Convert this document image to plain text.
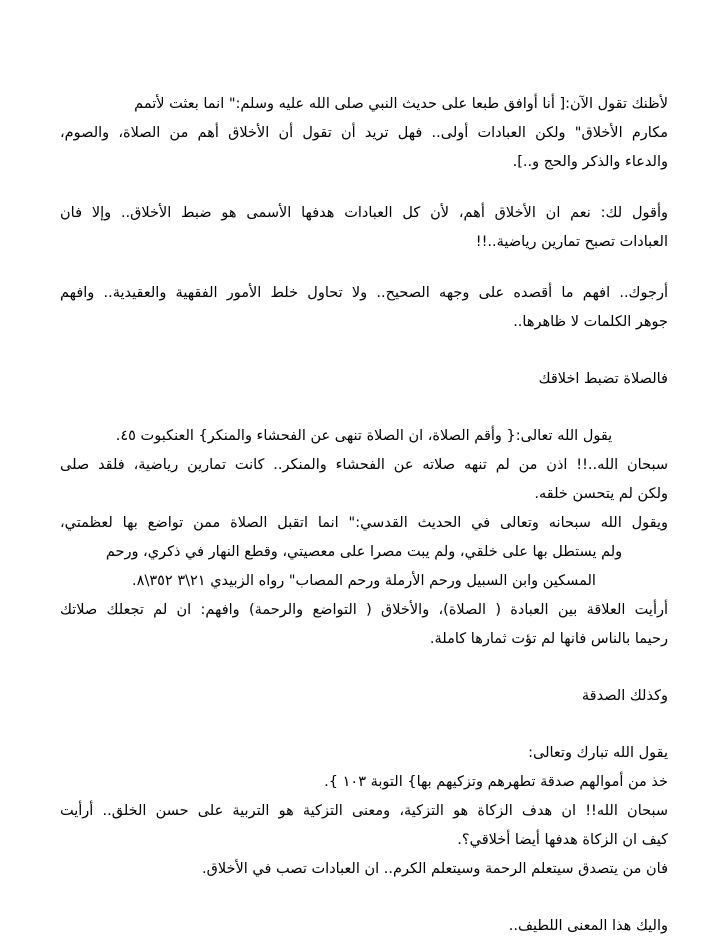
لأظنك تقول الآن:[ أنا أوافق طبعا على حديث النبي صلى الله عليه وسلم:" انما بعثت لأتمم
مكارم الأخلاق" ولكن العبادات أولى.. فهل تريد أن تقول أن الأخلاق أهم من الصلاة، والصوم،
والدعاء والذكر والحج و..].
وأقول لك: نعم ان الأخلاق أهم، لأن كل العبادات هدفها الأسمى هو ضبط الأخلاق.. وإلا فان
العبادات تصبح تمارين رياضية..!!
أرجوك.. افهم ما أقصده على وجهه الصحيح.. ولا تحاول خلط الأمور الفقهية والعقيدية.. وافهم
جوهر الكلمات لا ظاهرها..
فالصلاة تضبط اخلاقك
يقول الله تعالى:{ وأقم الصلاة، ان الصلاة تنهى عن الفحشاء والمنكر} العنكبوت ٤٥.
سبحان الله..!! اذن من لم تنهه صلاته عن الفحشاء والمنكر.. كانت تمارين رياضية، فلقد صلى
ولكن لم يتحسن خلقه.
ويقول الله سبحانه وتعالى في الحديث القدسي:" انما اتقبل الصلاة ممن تواضع بها لعظمتي،
ولم يستطل بها على خلقي، ولم يبت مصرا على معصيتي، وقطع النهار في ذكري، ورحم
المسكين وابن السبيل ورحم الأرملة ورحم المصاب" رواه الزبيدي ٢١\٣ ٣٥٢\٨.
أرأيت العلاقة بين العبادة ( الصلاة)، والأخلاق ( التواضع والرحمة) وافهم: ان لم تجعلك صلاتك
رحيما بالناس فانها لم تؤت ثمارها كاملة.
وكذلك الصدقة
يقول الله تبارك وتعالى:
خذ من أموالهم صدقة تطهرهم وتزكيهم بها} التوبة ١٠٣ }.
سبحان الله!! ان هدف الزكاة هو التزكية، ومعنى التزكية هو التربية على حسن الخلق.. أرأيت
كيف ان الزكاة هدفها أيضا أخلاقي؟.
فان من يتصدق سيتعلم الرحمة وسيتعلم الكرم.. ان العبادات تصب في الأخلاق.
واليك هذا المعنى اللطيف..
